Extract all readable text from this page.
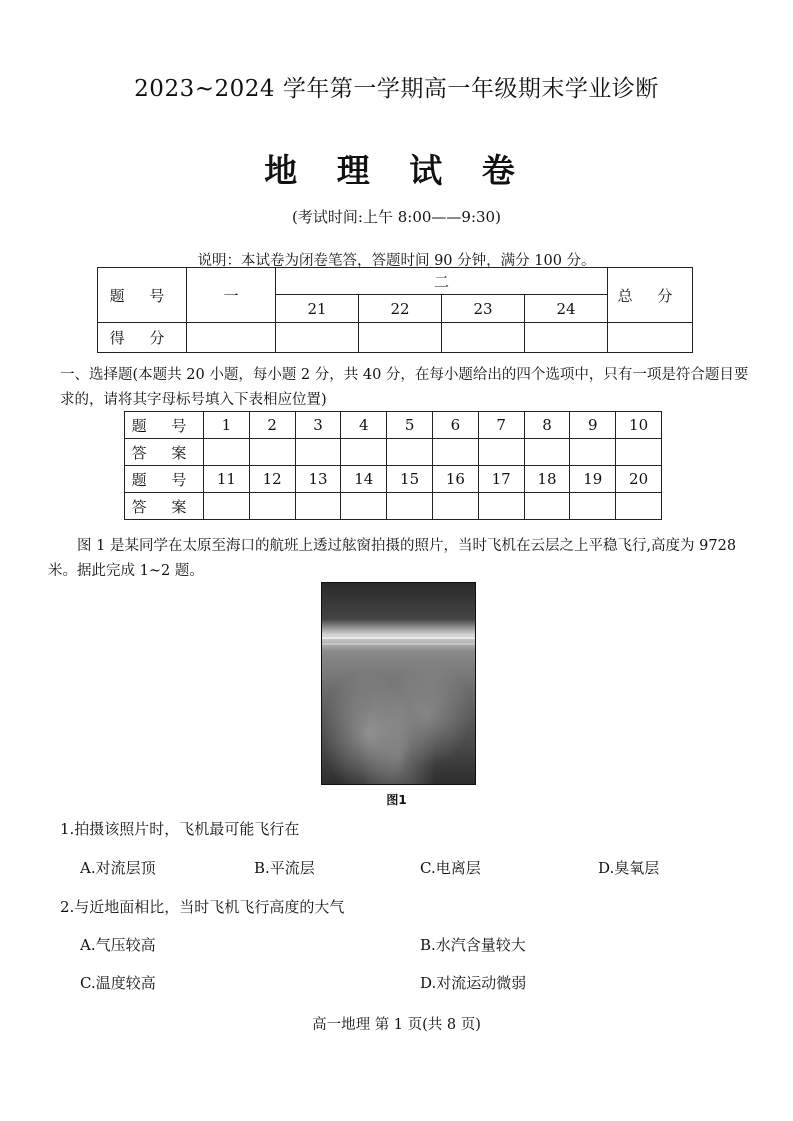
2023~2024 学年第一学期高一年级期末学业诊断
地 理 试 卷
(考试时间:上午 8:00——9:30)
说明：本试卷为闭卷笔答，答题时间 90 分钟，满分 100 分。
题 号	一	二				总 分
		21	22	23	24	
得 分						
一、选择题(本题共 20 小题，每小题 2 分，共 40 分，在每小题给出的四个选项中，只有一项是符合题目要求的，请将其字母标号填入下表相应位置)
题 号	1	2	3	4	5	6	7	8	9	10
答 案										
题 号	11	12	13	14	15	16	17	18	19	20
答 案										
图 1 是某同学在太原至海口的航班上透过舷窗拍摄的照片，当时飞机在云层之上平稳飞行,高度为 9728 米。据此完成 1~2 题。
图1
1.拍摄该照片时，飞机最可能飞行在
A.对流层顶	B.平流层	C.电离层	D.臭氧层
2.与近地面相比，当时飞机飞行高度的大气
A.气压较高	B.水汽含量较大
C.温度较高	D.对流运动微弱
高一地理 第 1 页(共 8 页)
